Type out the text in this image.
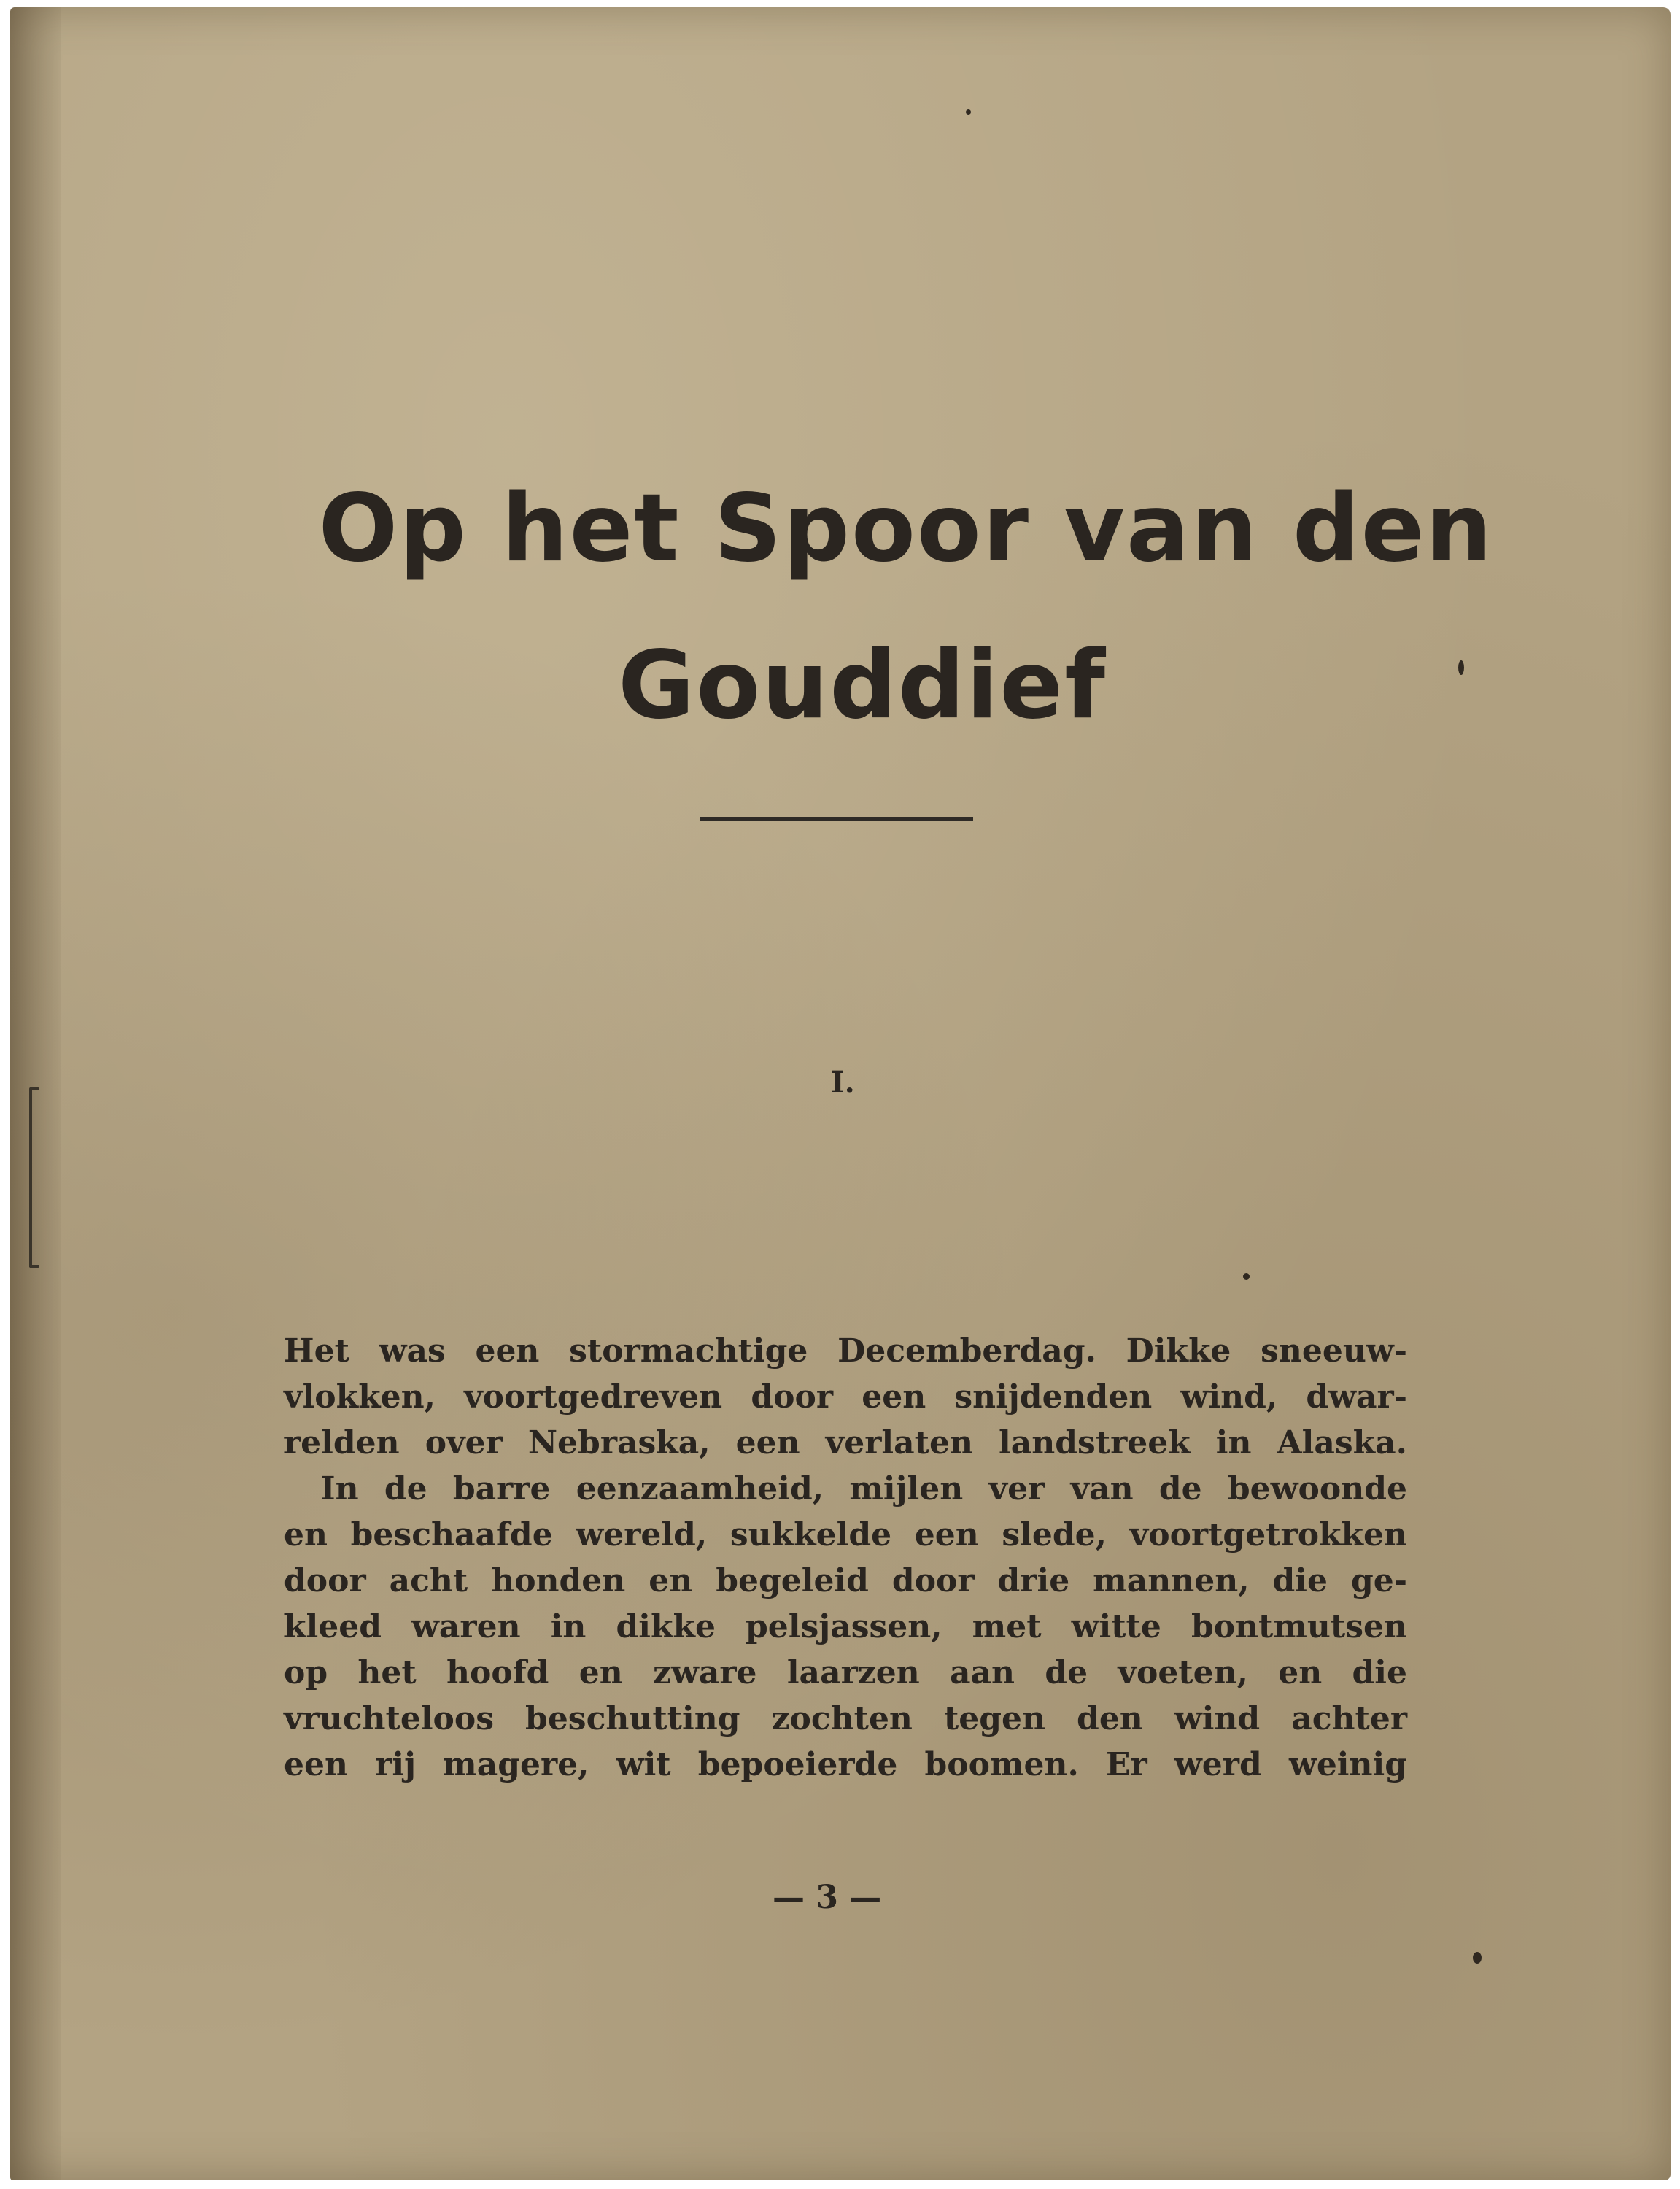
Op het Spoor van den
Gouddief
I.
Het was een stormachtige Decemberdag. Dikke sneeuw-
vlokken, voortgedreven door een snijdenden wind, dwar-
relden over Nebraska, een verlaten landstreek in Alaska.
In de barre eenzaamheid, mijlen ver van de bewoonde
en beschaafde wereld, sukkelde een slede, voortgetrokken
door acht honden en begeleid door drie mannen, die ge-
kleed waren in dikke pelsjassen, met witte bontmutsen
op het hoofd en zware laarzen aan de voeten, en die
vruchteloos beschutting zochten tegen den wind achter
een rij magere, wit bepoeierde boomen. Er werd weinig
— 3 —
